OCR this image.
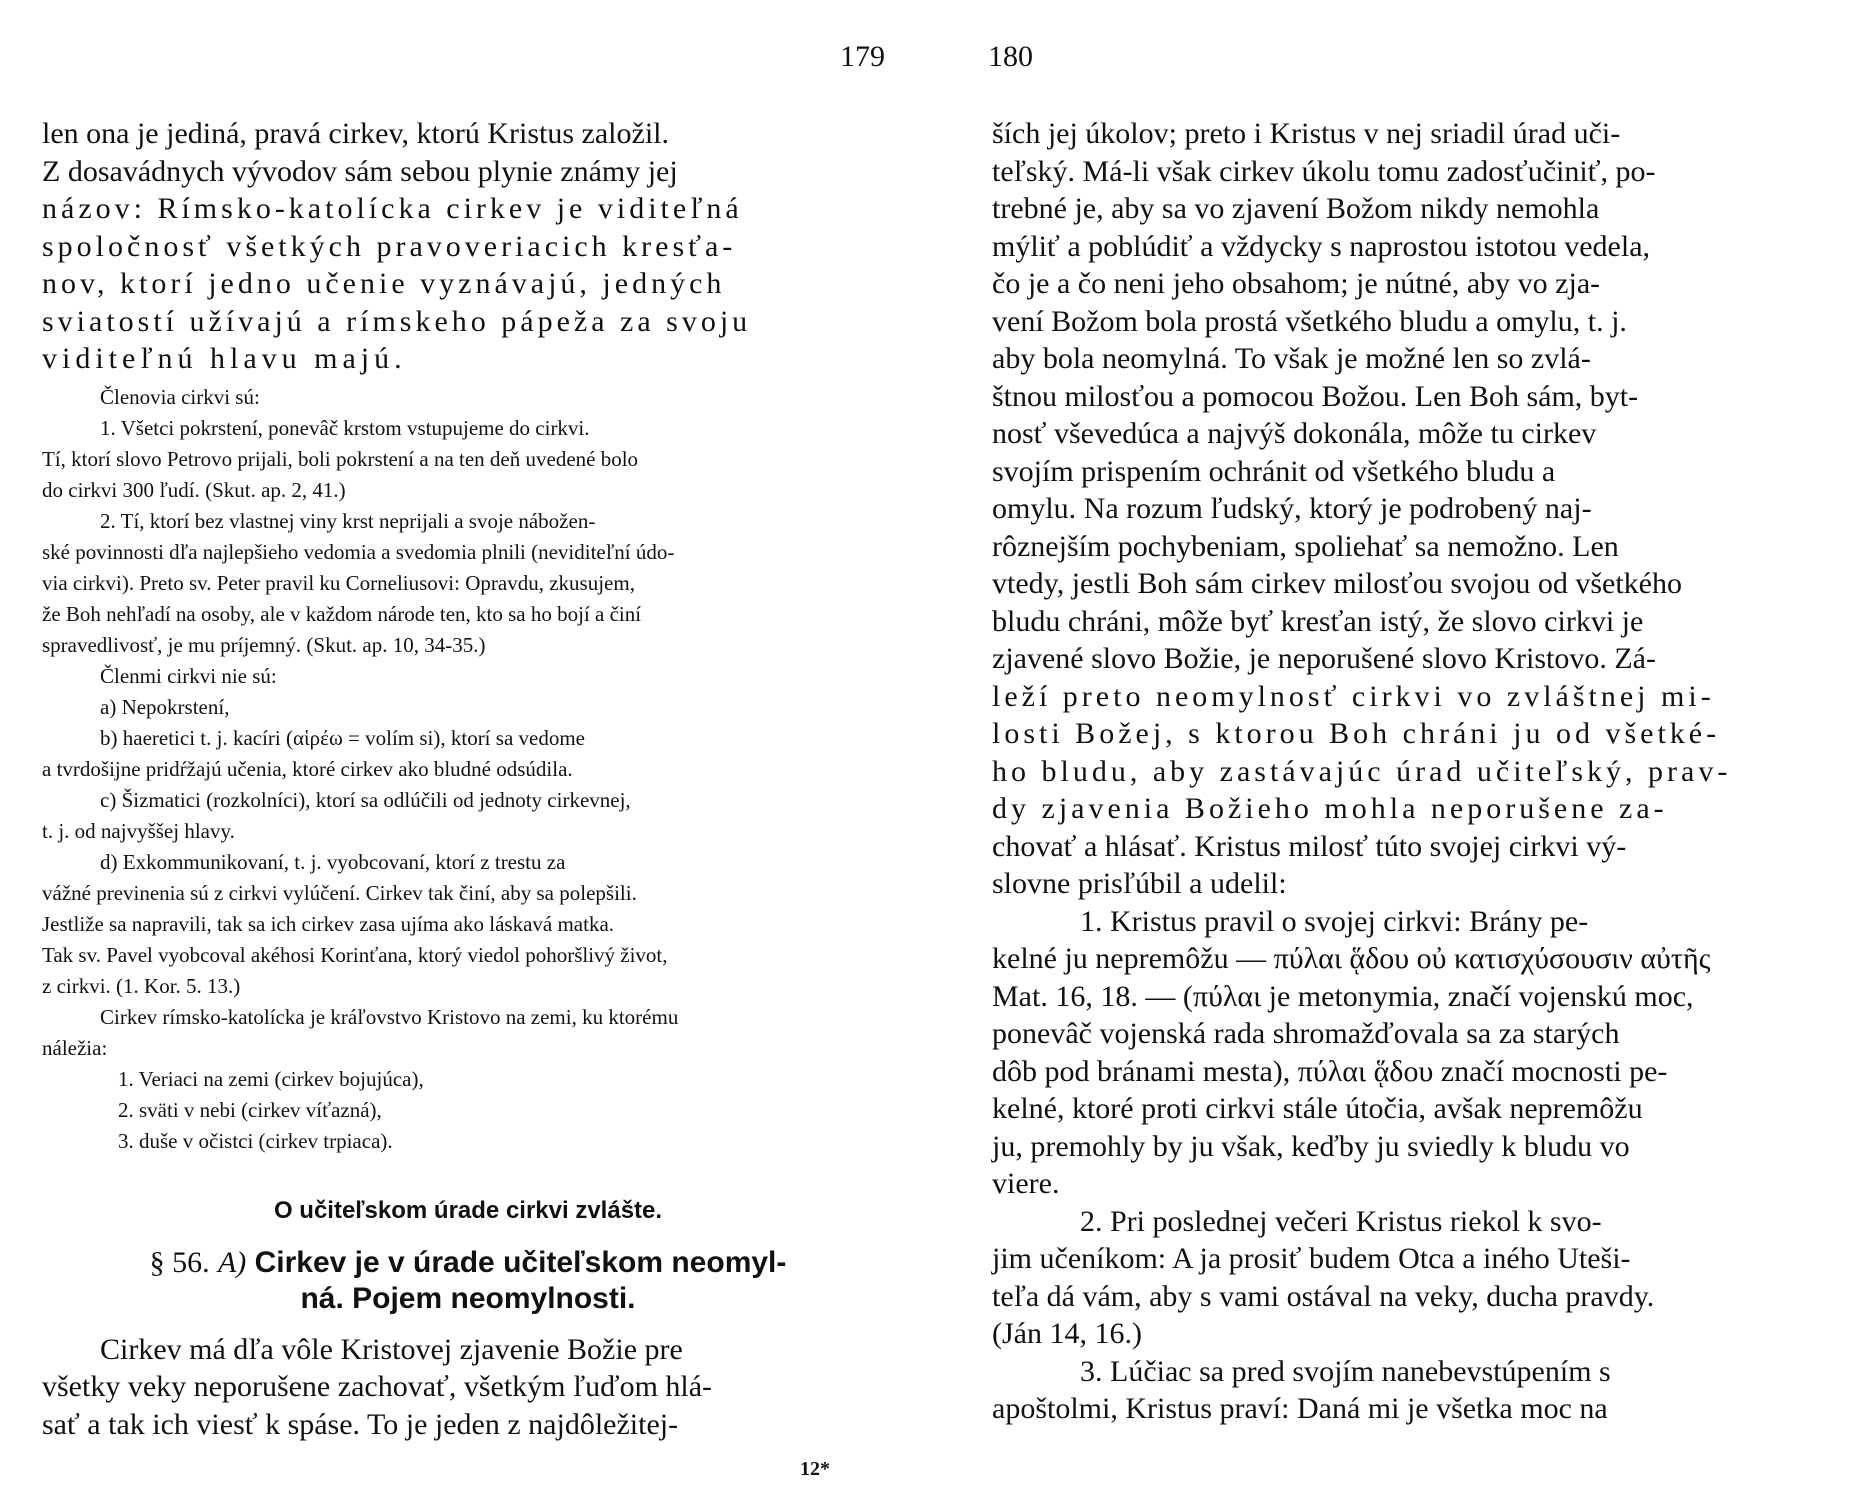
179	180

len ona je jediná, pravá cirkev, ktorú Kristus založil.

Z dosavádnych vývodov sám sebou plynie známy jej

názov: Rímsko-katolícka cirkev je viditeľná

spoločnosť všetkých pravoveriacich kresťa-

nov, ktorí jedno učenie vyznávajú, jedných

sviatostí užívajú a rímskeho pápeža za svoju

viditeľnú hlavu majú.

Členovia cirkvi sú:

1. Všetci pokrstení, ponevâč krstom vstupujeme do cirkvi.

Tí, ktorí slovo Petrovo prijali, boli pokrstení a na ten deň uvedené bolo

do cirkvi 300 ľudí. (Skut. ap. 2, 41.)

2. Tí, ktorí bez vlastnej viny krst neprijali a svoje nábožen-

ské povinnosti dľa najlepšieho vedomia a svedomia plnili (neviditeľní údo-

via cirkvi). Preto sv. Peter pravil ku Corneliusovi: Opravdu, zkusujem,

že Boh nehľadí na osoby, ale v každom národe ten, kto sa ho bojí a činí

spravedlivosť, je mu príjemný. (Skut. ap. 10, 34-35.)

Členmi cirkvi nie sú:

a) Nepokrstení,

b) haeretici t. j. kacíri (αἱρέω = volím si), ktorí sa vedome

a tvrdošijne pridŕžajú učenia, ktoré cirkev ako bludné odsúdila.

c) Šizmatici (rozkolníci), ktorí sa odlúčili od jednoty cirkevnej,

t. j. od najvyššej hlavy.

d) Exkommunikovaní, t. j. vyobcovaní, ktorí z trestu za

vážné previnenia sú z cirkvi vylúčení. Cirkev tak činí, aby sa polepšili.

Jestliže sa napravili, tak sa ich cirkev zasa ujíma ako láskavá matka.

Tak sv. Pavel vyobcoval akéhosi Korinťana, ktorý viedol pohoršlivý život,

z cirkvi. (1. Kor. 5. 13.)

Cirkev rímsko-katolícka je kráľovstvo Kristovo na zemi, ku ktorému

náležia:

1. Veriaci na zemi (cirkev bojujúca),

2. sväti v nebi (cirkev víťazná),

3. duše v očistci (cirkev trpiaca).

O učiteľskom úrade cirkvi zvlášte.
§ 56. A) Cirkev je v úrade učiteľskom neomyl-
ná. Pojem neomylnosti.

Cirkev má dľa vôle Kristovej zjavenie Božie pre

všetky veky neporušene zachovať, všetkým ľuďom hlá-

sať a tak ich viesť k spáse. To je jeden z najdôležitej-

12*

ších jej úkolov; preto i Kristus v nej sriadil úrad uči-

teľský. Má-li však cirkev úkolu tomu zadosťučiniť, po-

trebné je, aby sa vo zjavení Božom nikdy nemohla

mýliť a poblúdiť a vždycky s naprostou istotou vedela,

čo je a čo neni jeho obsahom; je nútné, aby vo zja-

vení Božom bola prostá všetkého bludu a omylu, t. j.

aby bola neomylná. To však je možné len so zvlá-

štnou milosťou a pomocou Božou. Len Boh sám, byt-

nosť vševedúca a najvýš dokonála, môže tu cirkev

svojím prispením ochránit od všetkého bludu a

omylu. Na rozum ľudský, ktorý je podrobený naj-

rôznejším pochybeniam, spoliehať sa nemožno. Len

vtedy, jestli Boh sám cirkev milosťou svojou od všetkého

bludu chráni, môže byť kresťan istý, že slovo cirkvi je

zjavené slovo Božie, je neporušené slovo Kristovo. Zá-

leží preto neomylnosť cirkvi vo zvláštnej mi-

losti Božej, s ktorou Boh chráni ju od všetké-

ho bludu, aby zastávajúc úrad učiteľský, prav-

dy zjavenia Božieho mohla neporušene za-

chovať a hlásať. Kristus milosť túto svojej cirkvi vý-

slovne prisľúbil a udelil:

1. Kristus pravil o svojej cirkvi: Brány pe-

kelné ju nepremôžu — πύλαι ᾅδου οὐ κατισχύσουσιν αὐτῆς

Mat. 16, 18. — (πύλαι je metonymia, značí vojenskú moc,

ponevâč vojenská rada shromažďovala sa za starých

dôb pod bránami mesta), πύλαι ᾅδου značí mocnosti pe-

kelné, ktoré proti cirkvi stále útočia, avšak nepremôžu

ju, premohly by ju však, keďby ju sviedly k bludu vo

viere.

2. Pri poslednej večeri Kristus riekol k svo-

jim učeníkom: A ja prosiť budem Otca a iného Uteši-

teľa dá vám, aby s vami ostával na veky, ducha pravdy.

(Ján 14, 16.)

3. Lúčiac sa pred svojím nanebevstúpením s

apoštolmi, Kristus praví: Daná mi je všetka moc na
